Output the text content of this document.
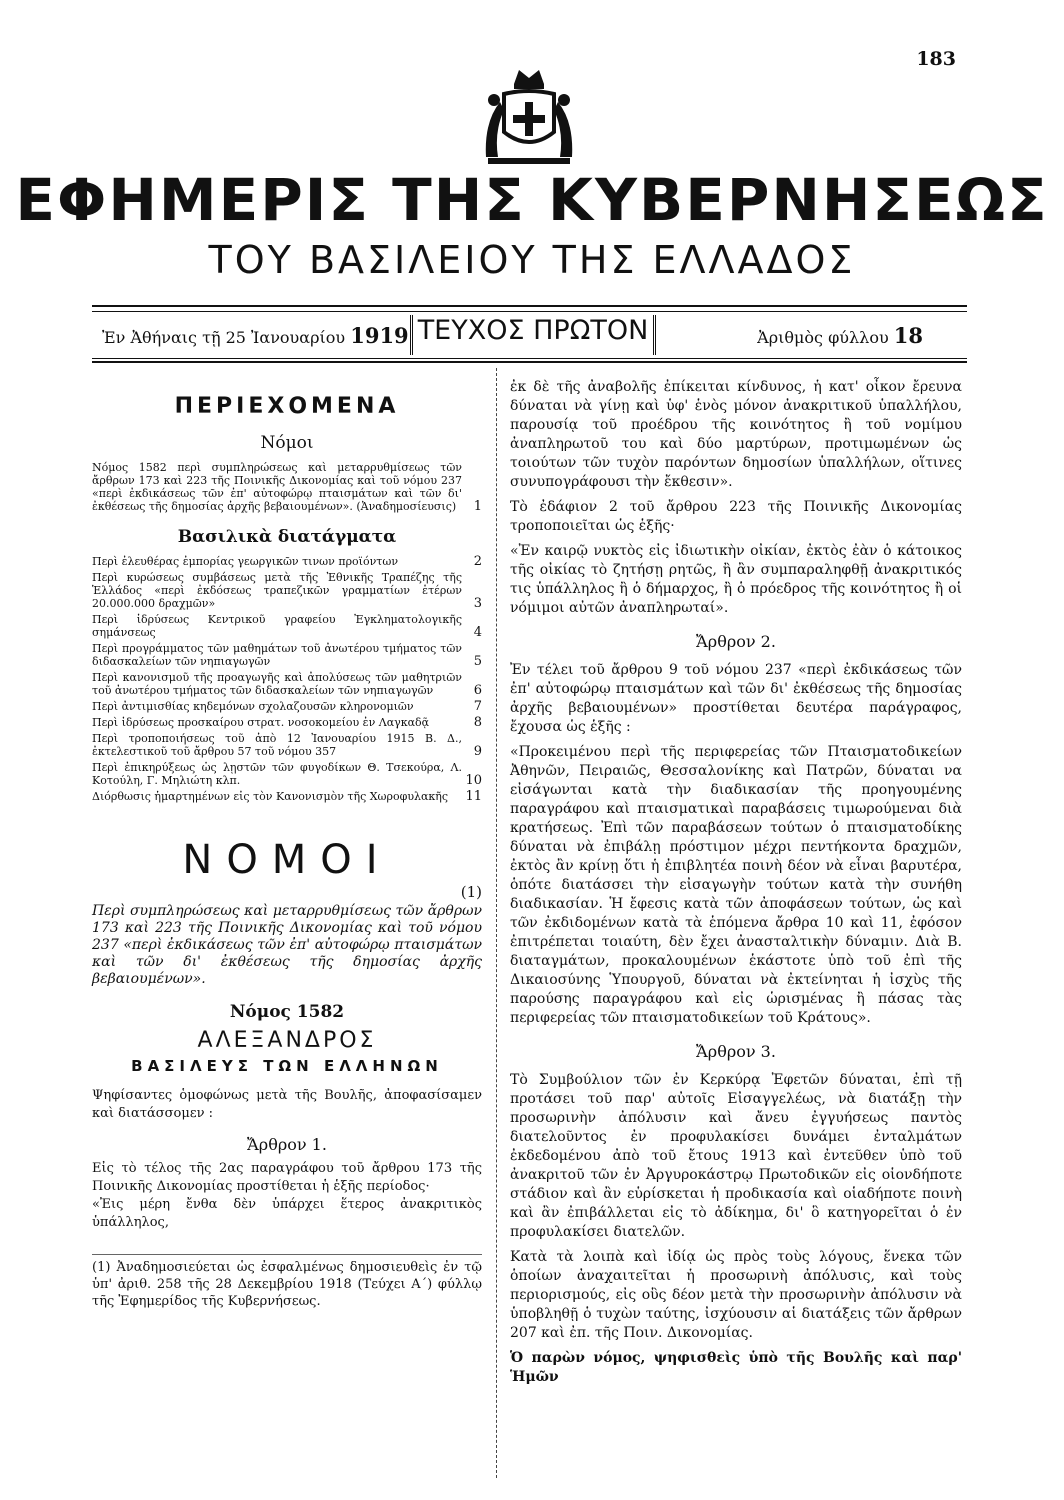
183
ΕΦΗΜΕΡΙΣ ΤΗΣ ΚΥΒΕΡΝΗΣΕΩΣ
ΤΟΥ ΒΑΣΙΛΕΙΟΥ ΤΗΣ ΕΛΛΑΔΟΣ
Ἐν Ἀθήναις τῇ 25 Ἰανουαρίου 1919 ΤΕΥΧΟΣ ΠΡΩΤΟΝ	Ἀριθμὸς φύλλου 18
ΠΕΡΙΕΧΟΜΕΝΑ
Νόμοι
Νόμος 1582 περὶ συμπληρώσεως καὶ μεταρρυθμίσεως τῶν ἄρθρων 173 καὶ 223 τῆς Ποινικῆς Δικονομίας καὶ τοῦ νόμου 237 «περὶ ἐκδικάσεως τῶν ἐπ' αὐτοφώρῳ πταισμάτων καὶ τῶν δι' ἐκθέσεως τῆς δημοσίας ἀρχῆς βεβαιουμένων». (Ἀναδημοσίευσις) 1
Βασιλικὰ διατάγματα
Περὶ ἐλευθέρας ἐμπορίας γεωργικῶν τινων προϊόντων	2
Περὶ κυρώσεως συμβάσεως μετὰ τῆς Ἐθνικῆς Τραπέζης τῆς Ἑλλάδος «περὶ ἐκδόσεως τραπεζικῶν γραμματίων ἑτέρων 20.000.000 δραχμῶν»	3
Περὶ ἱδρύσεως Κεντρικοῦ γραφείου Ἐγκληματολογικῆς σημάνσεως	4
Περὶ προγράμματος τῶν μαθημάτων τοῦ ἀνωτέρου τμήματος τῶν διδασκαλείων τῶν νηπιαγωγῶν	5
Περὶ κανονισμοῦ τῆς προαγωγῆς καὶ ἀπολύσεως τῶν μαθητριῶν τοῦ ἀνωτέρου τμήματος τῶν διδασκαλείων τῶν νηπιαγωγῶν	6
Περὶ ἀντιμισθίας κηδεμόνων σχολαζουσῶν κληρονομιῶν	7
Περὶ ἱδρύσεως προσκαίρου στρατ. νοσοκομείου ἐν Λαγκαδᾷ	8
Περὶ τροποποιήσεως τοῦ ἀπὸ 12 Ἰανουαρίου 1915 Β. Δ., ἐκτελεστικοῦ τοῦ ἄρθρου 57 τοῦ νόμου 357	9
Περὶ ἐπικηρύξεως ὡς λῃστῶν τῶν φυγοδίκων Θ. Τσεκούρα, Λ. Κοτούλη, Γ. Μηλιώτη κλπ.	10
Διόρθωσις ἡμαρτημένων εἰς τὸν Κανονισμὸν τῆς Χωροφυλακῆς 11
ΝΟΜΟΙ
(1)
Περὶ συμπληρώσεως καὶ μεταρρυθμίσεως τῶν ἄρθρων 173 καὶ 223 τῆς Ποινικῆς Δικονομίας καὶ τοῦ νόμου 237 «περὶ ἐκδικάσεως τῶν ἐπ' αὐτοφώρῳ πταισμάτων καὶ τῶν δι' ἐκθέσεως τῆς δημοσίας ἀρχῆς βεβαιουμένων».
Νόμος 1582
ΑΛΕΞΑΝΔΡΟΣ
ΒΑΣΙΛΕΥΣ ΤΩΝ ΕΛΛΗΝΩΝ
Ψηφίσαντες ὁμοφώνως μετὰ τῆς Βουλῆς, ἀποφασίσαμεν καὶ διατάσσομεν :
Ἄρθρον 1.
Εἰς τὸ τέλος τῆς 2ας παραγράφου τοῦ ἄρθρου 173 τῆς Ποινικῆς Δικονομίας προστίθεται ἡ ἑξῆς περίοδος·
«Ἐις μέρη ἔνθα δὲν ὑπάρχει ἕτερος ἀνακριτικὸς ὑπάλληλος,
(1) Ἀναδημοσιεύεται ὡς ἐσφαλμένως δημοσιευθεὶς ἐν τῷ ὑπ' ἀριθ. 258 τῆς 28 Δεκεμβρίου 1918 (Τεύχει Α΄) φύλλῳ τῆς Ἐφημερίδος τῆς Κυβερνήσεως.
ἐκ δὲ τῆς ἀναβολῆς ἐπίκειται κίνδυνος, ἡ κατ' οἶκον ἔρευνα δύναται νὰ γίνῃ καὶ ὑφ' ἑνὸς μόνον ἀνακριτικοῦ ὑπαλλήλου, παρουσίᾳ τοῦ προέδρου τῆς κοινότητος ἢ τοῦ νομίμου ἀναπληρωτοῦ του καὶ δύο μαρτύρων, προτιμωμένων ὡς τοιούτων τῶν τυχὸν παρόντων δημοσίων ὑπαλλήλων, οἵτινες συνυπογράφουσι τὴν ἔκθεσιν».
Τὸ ἐδάφιον 2 τοῦ ἄρθρου 223 τῆς Ποινικῆς Δικονομίας τροποποιεῖται ὡς ἑξῆς·
«Ἐν καιρῷ νυκτὸς εἰς ἰδιωτικὴν οἰκίαν, ἐκτὸς ἐὰν ὁ κάτοικος τῆς οἰκίας τὸ ζητήσῃ ρητῶς, ἢ ἂν συμπαραληφθῇ ἀνακριτικός τις ὑπάλληλος ἢ ὁ δήμαρχος, ἢ ὁ πρόεδρος τῆς κοινότητος ἢ οἱ νόμιμοι αὐτῶν ἀναπληρωταί».
Ἄρθρον 2.
Ἐν τέλει τοῦ ἄρθρου 9 τοῦ νόμου 237 «περὶ ἐκδικάσεως τῶν ἐπ' αὐτοφώρῳ πταισμάτων καὶ τῶν δι' ἐκθέσεως τῆς δημοσίας ἀρχῆς βεβαιουμένων» προστίθεται δευτέρα παράγραφος, ἔχουσα ὡς ἑξῆς :
«Προκειμένου περὶ τῆς περιφερείας τῶν Πταισματοδικείων Ἀθηνῶν, Πειραιῶς, Θεσσαλονίκης καὶ Πατρῶν, δύναται να εἰσάγωνται κατὰ τὴν διαδικασίαν τῆς προηγουμένης παραγράφου καὶ πταισματικαὶ παραβάσεις τιμωρούμεναι διὰ κρατήσεως. Ἐπὶ τῶν παραβάσεων τούτων ὁ πταισματοδίκης δύναται νὰ ἐπιβάλῃ πρόστιμον μέχρι πεντήκοντα δραχμῶν, ἐκτὸς ἂν κρίνῃ ὅτι ἡ ἐπιβλητέα ποινὴ δέον νὰ εἶναι βαρυτέρα, ὁπότε διατάσσει τὴν εἰσαγωγὴν τούτων κατὰ τὴν συνήθη διαδικασίαν. Ἡ ἔφεσις κατὰ τῶν ἀποφάσεων τούτων, ὡς καὶ τῶν ἐκδιδομένων κατὰ τὰ ἑπόμενα ἄρθρα 10 καὶ 11, ἐφόσον ἐπιτρέπεται τοιαύτη, δὲν ἔχει ἀνασταλτικὴν δύναμιν. Διὰ Β. διαταγμάτων, προκαλουμένων ἑκάστοτε ὑπὸ τοῦ ἐπὶ τῆς Δικαιοσύνης Ὑπουργοῦ, δύναται νὰ ἐκτείνηται ἡ ἰσχὺς τῆς παρούσης παραγράφου καὶ εἰς ὡρισμένας ἢ πάσας τὰς περιφερείας τῶν πταισματοδικείων τοῦ Κράτους».
Ἄρθρον 3.
Τὸ Συμβούλιον τῶν ἐν Κερκύρᾳ Ἐφετῶν δύναται, ἐπὶ τῇ προτάσει τοῦ παρ' αὐτοῖς Εἰσαγγελέως, νὰ διατάξῃ τὴν προσωρινὴν ἀπόλυσιν καὶ ἄνευ ἐγγυήσεως παντὸς διατελοῦντος ἐν προφυλακίσει δυνάμει ἐνταλμάτων ἐκδεδομένου ἀπὸ τοῦ ἔτους 1913 καὶ ἐντεῦθεν ὑπὸ τοῦ ἀνακριτοῦ τῶν ἐν Ἀργυροκάστρῳ Πρωτοδικῶν εἰς οἱονδήποτε στάδιον καὶ ἂν εὑρίσκεται ἡ προδικασία καὶ οἱαδήποτε ποινὴ καὶ ἂν ἐπιβάλλεται εἰς τὸ ἀδίκημα, δι' ὃ κατηγορεῖται ὁ ἐν προφυλακίσει διατελῶν.
Κατὰ τὰ λοιπὰ καὶ ἰδίᾳ ὡς πρὸς τοὺς λόγους, ἕνεκα τῶν ὁποίων ἀναχαιτεῖται ἡ προσωρινὴ ἀπόλυσις, καὶ τοὺς περιορισμούς, εἰς οὓς δέον μετὰ τὴν προσωρινὴν ἀπόλυσιν νὰ ὑποβληθῇ ὁ τυχὼν ταύτης, ἰσχύουσιν αἱ διατάξεις τῶν ἄρθρων 207 καὶ ἐπ. τῆς Ποιν. Δικονομίας.
Ὁ παρὼν νόμος, ψηφισθεὶς ὑπὸ τῆς Βουλῆς καὶ παρ' Ἡμῶν
